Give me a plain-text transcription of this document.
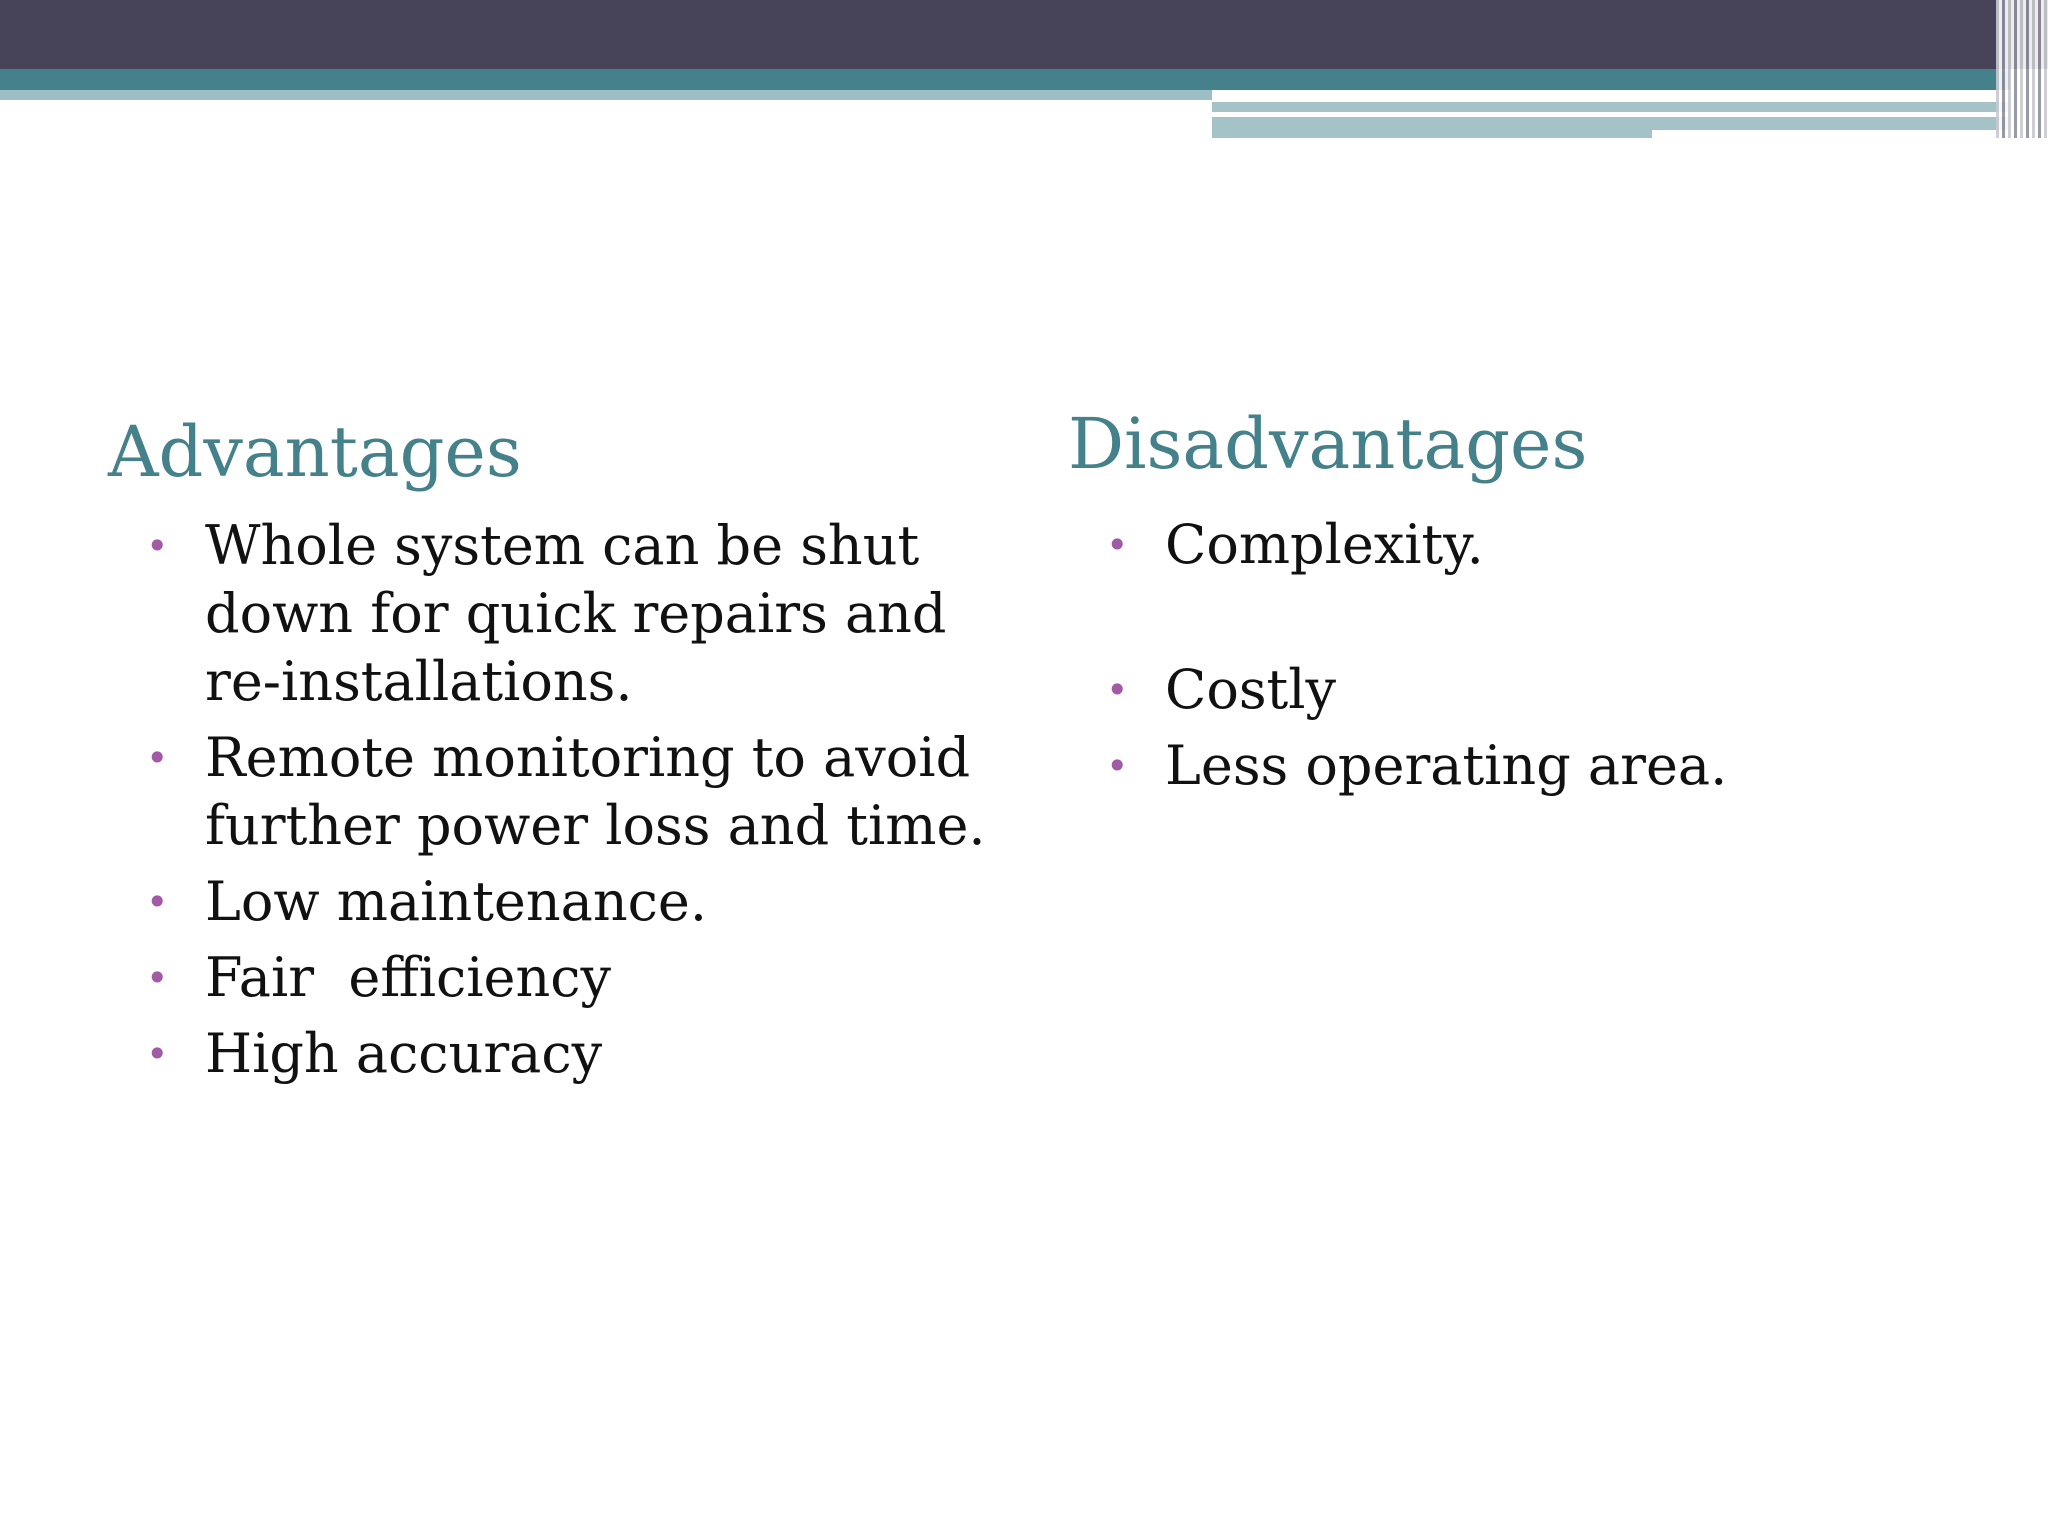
Advantages
• Whole system can be shut down for quick repairs and re-installations.
• Remote monitoring to avoid further power loss and time.
• Low maintenance.
• Fair  efficiency
• High accuracy
Disadvantages
• Complexity.
• Costly
• Less operating area.
